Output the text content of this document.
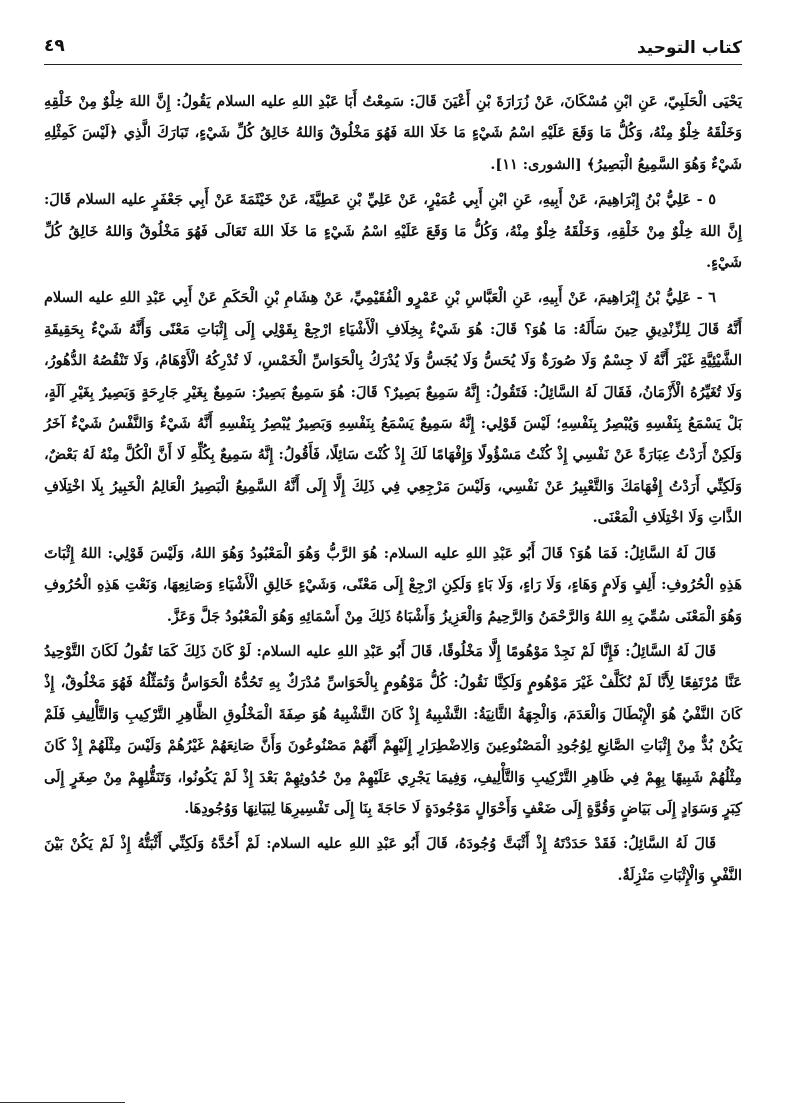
كتاب التوحيد
٤٩

يَحْيَى الْحَلَبِيّ، عَنِ ابْنِ مُسْكَانَ، عَنْ زُرَارَةَ بْنِ أَعْيَنَ قَالَ: سَمِعْتُ أَبَا عَبْدِ اللهِ عليه السلام يَقُولُ: إِنَّ اللهَ خِلْوٌ مِنْ خَلْقِهِ وَخَلْقَهُ خِلْوٌ مِنْهُ، وَكُلُّ مَا وَقَعَ عَلَيْهِ اسْمُ شَيْءٍ مَا خَلَا اللهَ فَهُوَ مَخْلُوقٌ وَاللهُ خَالِقُ كُلِّ شَيْءٍ، تَبَارَكَ الَّذِي ﴿لَيْسَ كَمِثْلِهِ شَيْءٌ وَهُوَ السَّمِيعُ الْبَصِيرُ﴾ [الشورى: ١١].

٥ - عَلِيُّ بْنُ إِبْرَاهِيمَ، عَنْ أَبِيهِ، عَنِ ابْنِ أَبِي عُمَيْرٍ، عَنْ عَلِيِّ بْنِ عَطِيَّةَ، عَنْ خَيْثَمَةَ عَنْ أَبِي جَعْفَرٍ عليه السلام قَالَ: إِنَّ اللهَ خِلْوٌ مِنْ خَلْقِهِ، وَخَلْقَهُ خِلْوٌ مِنْهُ، وَكُلُّ مَا وَقَعَ عَلَيْهِ اسْمُ شَيْءٍ مَا خَلَا اللهَ تَعَالَى فَهُوَ مَخْلُوقٌ وَاللهُ خَالِقُ كُلِّ شَيْءٍ.

٦ - عَلِيُّ بْنُ إِبْرَاهِيمَ، عَنْ أَبِيهِ، عَنِ الْعَبَّاسِ بْنِ عَمْرٍو الْفُقَيْمِيِّ، عَنْ هِشَامِ بْنِ الْحَكَمِ عَنْ أَبِي عَبْدِ اللهِ عليه السلام أَنَّهُ قَالَ لِلزِّنْدِيقِ حِينَ سَأَلَهُ: مَا هُوَ؟ قَالَ: هُوَ شَيْءٌ بِخِلَافِ الْأَشْيَاءِ ارْجِعْ بِقَوْلِي إِلَى إِثْبَاتِ مَعْنًى وَأَنَّهُ شَيْءٌ بِحَقِيقَةِ الشَّيْئِيَّةِ غَيْرَ أَنَّهُ لَا جِسْمٌ وَلَا صُورَةٌ وَلَا يُحَسُّ وَلَا يُجَسُّ وَلَا يُدْرَكُ بِالْحَوَاسِّ الْخَمْسِ، لَا تُدْرِكُهُ الْأَوْهَامُ، وَلَا تَنْقُصُهُ الدُّهُورُ، وَلَا تُغَيِّرُهُ الْأَزْمَانُ، فَقَالَ لَهُ السَّائِلُ: فَتَقُولُ: إِنَّهُ سَمِيعٌ بَصِيرٌ؟ قَالَ: هُوَ سَمِيعٌ بَصِيرٌ: سَمِيعٌ بِغَيْرِ جَارِحَةٍ وَبَصِيرٌ بِغَيْرِ آلَةٍ، بَلْ يَسْمَعُ بِنَفْسِهِ وَيُبْصِرُ بِنَفْسِهِ؛ لَيْسَ قَوْلِي: إِنَّهُ سَمِيعٌ يَسْمَعُ بِنَفْسِهِ وَبَصِيرٌ يُبْصِرُ بِنَفْسِهِ أَنَّهُ شَيْءٌ وَالنَّفْسُ شَيْءٌ آخَرُ وَلَكِنْ أَرَدْتُ عِبَارَةً عَنْ نَفْسِي إِذْ كُنْتُ مَسْؤُولًا وَإِفْهَامًا لَكَ إِذْ كُنْتَ سَائِلًا، فَأَقُولُ: إِنَّهُ سَمِيعٌ بِكُلِّهِ لَا أَنَّ الْكُلَّ مِنْهُ لَهُ بَعْضٌ، وَلَكِنِّي أَرَدْتُ إِفْهَامَكَ وَالتَّعْبِيرُ عَنْ نَفْسِي، وَلَيْسَ مَرْجِعِي فِي ذَلِكَ إِلَّا إِلَى أَنَّهُ السَّمِيعُ الْبَصِيرُ الْعَالِمُ الْخَبِيرُ بِلَا اخْتِلَافِ الذَّاتِ وَلَا اخْتِلَافِ الْمَعْنَى.

قَالَ لَهُ السَّائِلُ: فَمَا هُوَ؟ قَالَ أَبُو عَبْدِ اللهِ عليه السلام: هُوَ الرَّبُّ وَهُوَ الْمَعْبُودُ وَهُوَ اللهُ، وَلَيْسَ قَوْلِي: اللهُ إِثْبَاتَ هَذِهِ الْحُرُوفِ: أَلِفٍ وَلَامٍ وَهَاءٍ، وَلَا رَاءٍ، وَلَا بَاءٍ وَلَكِنِ ارْجِعْ إِلَى مَعْنًى، وَشَيْءٍ خَالِقِ الْأَشْيَاءِ وَصَانِعِهَا، وَنَعْتِ هَذِهِ الْحُرُوفِ وَهُوَ الْمَعْنَى سُمِّيَ بِهِ اللهُ وَالرَّحْمَنُ وَالرَّحِيمُ وَالْعَزِيزُ وَأَشْبَاهُ ذَلِكَ مِنْ أَسْمَائِهِ وَهُوَ الْمَعْبُودُ جَلَّ وَعَزَّ.

قَالَ لَهُ السَّائِلُ: فَإِنَّا لَمْ نَجِدْ مَوْهُومًا إِلَّا مَخْلُوقًا، قَالَ أَبُو عَبْدِ اللهِ عليه السلام: لَوْ كَانَ ذَلِكَ كَمَا تَقُولُ لَكَانَ التَّوْحِيدُ عَنَّا مُرْتَفِعًا لِأَنَّا لَمْ نُكَلَّفْ غَيْرَ مَوْهُومٍ وَلَكِنَّا نَقُولُ: كُلُّ مَوْهُومٍ بِالْحَوَاسِّ مُدْرَكٌ بِهِ تَحُدُّهُ الْحَوَاسُّ وَتُمَثِّلُهُ فَهُوَ مَخْلُوقٌ، إِذْ كَانَ النَّفْيُ هُوَ الْإِبْطَالَ وَالْعَدَمَ، وَالْجِهَةُ الثَّانِيَةُ: التَّشْبِيهُ إِذْ كَانَ التَّشْبِيهُ هُوَ صِفَةَ الْمَخْلُوقِ الظَّاهِرِ التَّرْكِيبِ وَالتَّأْلِيفِ فَلَمْ يَكُنْ بُدٌّ مِنْ إِثْبَاتِ الصَّانِعِ لِوُجُودِ الْمَصْنُوعِينَ وَالِاضْطِرَارِ إِلَيْهِمْ أَنَّهُمْ مَصْنُوعُونَ وَأَنَّ صَانِعَهُمْ غَيْرُهُمْ وَلَيْسَ مِثْلَهُمْ إِذْ كَانَ مِثْلُهُمْ شَبِيهًا بِهِمْ فِي ظَاهِرِ التَّرْكِيبِ وَالتَّأْلِيفِ، وَفِيمَا يَجْرِي عَلَيْهِمْ مِنْ حُدُوثِهِمْ بَعْدَ إِذْ لَمْ يَكُونُوا، وَتَنَقُّلِهِمْ مِنْ صِغَرٍ إِلَى كِبَرٍ وَسَوَادٍ إِلَى بَيَاضٍ وَقُوَّةٍ إِلَى ضَعْفٍ وَأَحْوَالٍ مَوْجُودَةٍ لَا حَاجَةَ بِنَا إِلَى تَفْسِيرِهَا لِبَيَانِهَا وَوُجُودِهَا.

قَالَ لَهُ السَّائِلُ: فَقَدْ حَدَدْتَهُ إِذْ أَثْبَتَّ وُجُودَهُ، قَالَ أَبُو عَبْدِ اللهِ عليه السلام: لَمْ أَحُدَّهُ وَلَكِنِّي أَثْبَتُّهُ إِذْ لَمْ يَكُنْ بَيْنَ النَّفْيِ وَالْإِثْبَاتِ مَنْزِلَةٌ.
